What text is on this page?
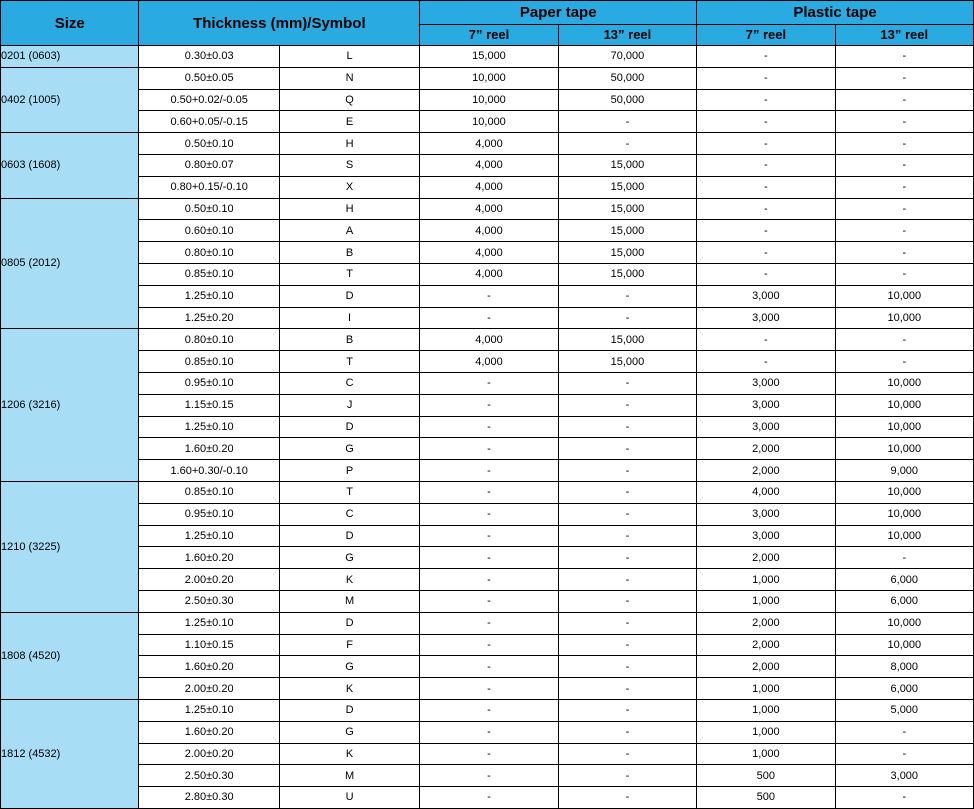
Size	Thickness (mm)/Symbol		Paper tape		Plastic tape	
			7” reel	13” reel	7” reel	13” reel
0201 (0603)	0.30±0.03	L	15,000	70,000	-	-
0402 (1005)	0.50±0.05	N	10,000	50,000	-	-
	0.50+0.02/-0.05	Q	10,000	50,000	-	-
	0.60+0.05/-0.15	E	10,000	-	-	-
0603 (1608)	0.50±0.10	H	4,000	-	-	-
	0.80±0.07	S	4,000	15,000	-	-
	0.80+0.15/-0.10	X	4,000	15,000	-	-
0805 (2012)	0.50±0.10	H	4,000	15,000	-	-
	0.60±0.10	A	4,000	15,000	-	-
	0.80±0.10	B	4,000	15,000	-	-
	0.85±0.10	T	4,000	15,000	-	-
	1.25±0.10	D	-	-	3,000	10,000
	1.25±0.20	I	-	-	3,000	10,000
1206 (3216)	0.80±0.10	B	4,000	15,000	-	-
	0.85±0.10	T	4,000	15,000	-	-
	0.95±0.10	C	-	-	3,000	10,000
	1.15±0.15	J	-	-	3,000	10,000
	1.25±0.10	D	-	-	3,000	10,000
	1.60±0.20	G	-	-	2,000	10,000
	1.60+0.30/-0.10	P	-	-	2,000	9,000
1210 (3225)	0.85±0.10	T	-	-	4,000	10,000
	0.95±0.10	C	-	-	3,000	10,000
	1.25±0.10	D	-	-	3,000	10,000
	1.60±0.20	G	-	-	2,000	-
	2.00±0.20	K	-	-	1,000	6,000
	2.50±0.30	M	-	-	1,000	6,000
1808 (4520)	1.25±0.10	D	-	-	2,000	10,000
	1.10±0.15	F	-	-	2,000	10,000
	1.60±0.20	G	-	-	2,000	8,000
	2.00±0.20	K	-	-	1,000	6,000
1812 (4532)	1.25±0.10	D	-	-	1,000	5,000
	1.60±0.20	G	-	-	1,000	-
	2.00±0.20	K	-	-	1,000	-
	2.50±0.30	M	-	-	500	3,000
	2.80±0.30	U	-	-	500	-
